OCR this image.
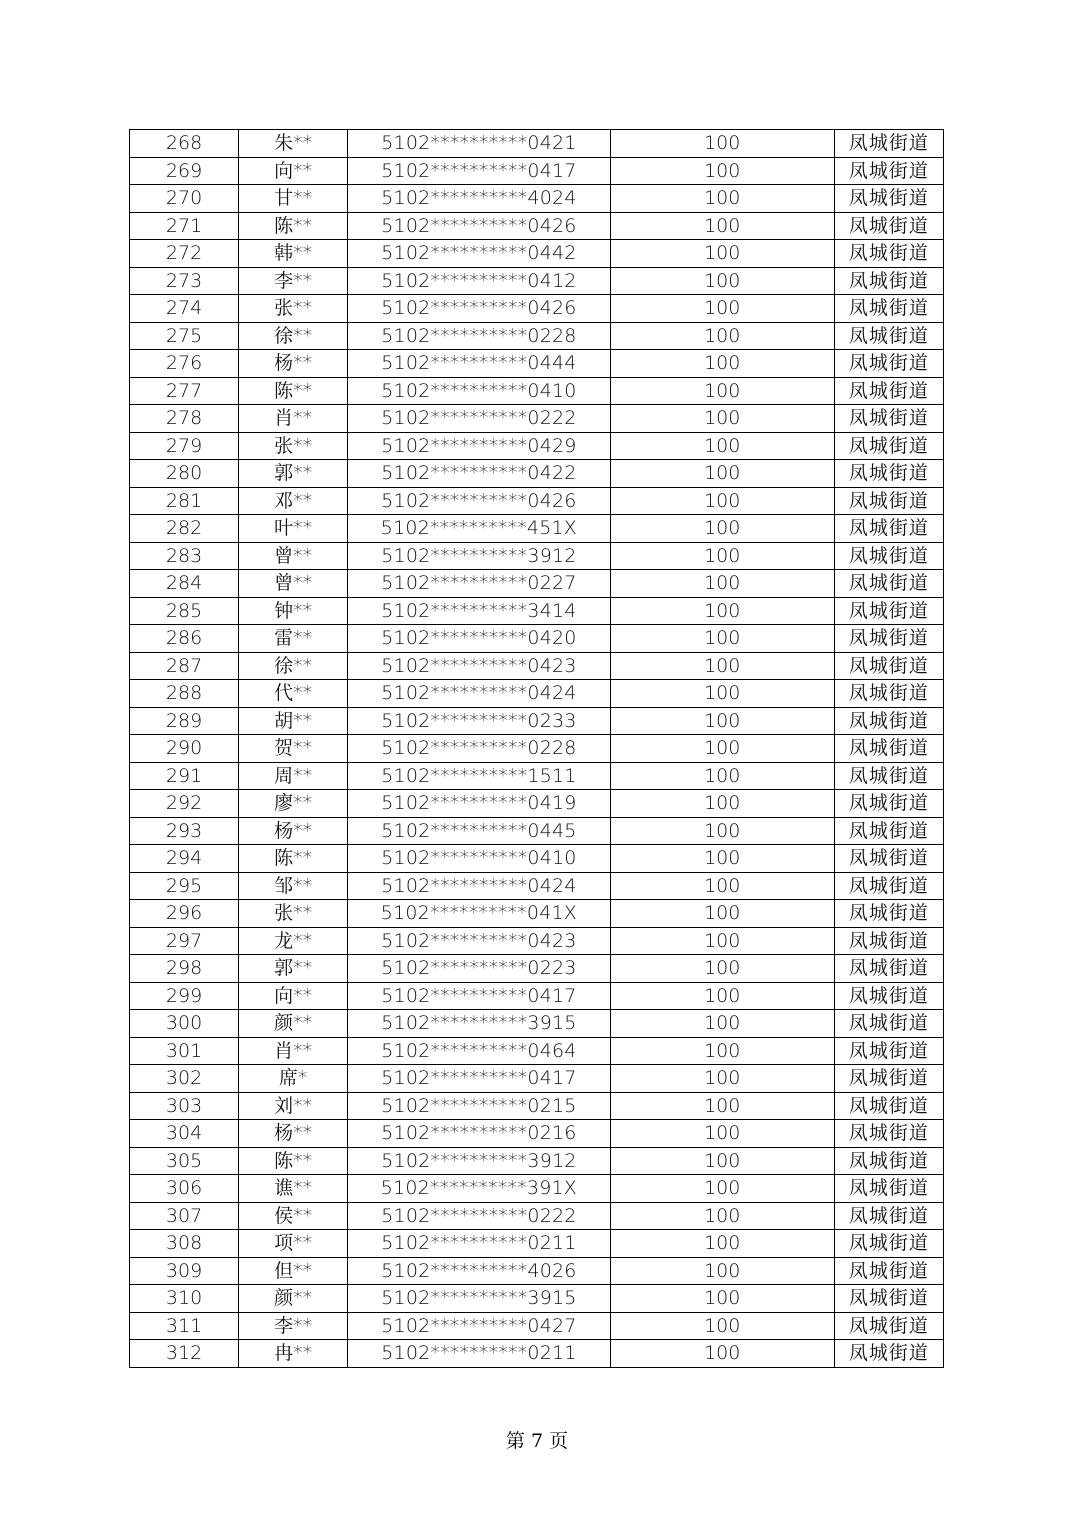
268	朱**	5102**********0421	100	凤城街道
269	向**	5102**********0417	100	凤城街道
270	甘**	5102**********4024	100	凤城街道
271	陈**	5102**********0426	100	凤城街道
272	韩**	5102**********0442	100	凤城街道
273	李**	5102**********0412	100	凤城街道
274	张**	5102**********0426	100	凤城街道
275	徐**	5102**********0228	100	凤城街道
276	杨**	5102**********0444	100	凤城街道
277	陈**	5102**********0410	100	凤城街道
278	肖**	5102**********0222	100	凤城街道
279	张**	5102**********0429	100	凤城街道
280	郭**	5102**********0422	100	凤城街道
281	邓**	5102**********0426	100	凤城街道
282	叶**	5102**********451X	100	凤城街道
283	曾**	5102**********3912	100	凤城街道
284	曾**	5102**********0227	100	凤城街道
285	钟**	5102**********3414	100	凤城街道
286	雷**	5102**********0420	100	凤城街道
287	徐**	5102**********0423	100	凤城街道
288	代**	5102**********0424	100	凤城街道
289	胡**	5102**********0233	100	凤城街道
290	贺**	5102**********0228	100	凤城街道
291	周**	5102**********1511	100	凤城街道
292	廖**	5102**********0419	100	凤城街道
293	杨**	5102**********0445	100	凤城街道
294	陈**	5102**********0410	100	凤城街道
295	邹**	5102**********0424	100	凤城街道
296	张**	5102**********041X	100	凤城街道
297	龙**	5102**********0423	100	凤城街道
298	郭**	5102**********0223	100	凤城街道
299	向**	5102**********0417	100	凤城街道
300	颜**	5102**********3915	100	凤城街道
301	肖**	5102**********0464	100	凤城街道
302	席*	5102**********0417	100	凤城街道
303	刘**	5102**********0215	100	凤城街道
304	杨**	5102**********0216	100	凤城街道
305	陈**	5102**********3912	100	凤城街道
306	谯**	5102**********391X	100	凤城街道
307	侯**	5102**********0222	100	凤城街道
308	项**	5102**********0211	100	凤城街道
309	但**	5102**********4026	100	凤城街道
310	颜**	5102**********3915	100	凤城街道
311	李**	5102**********0427	100	凤城街道
312	冉**	5102**********0211	100	凤城街道
第 7 页
